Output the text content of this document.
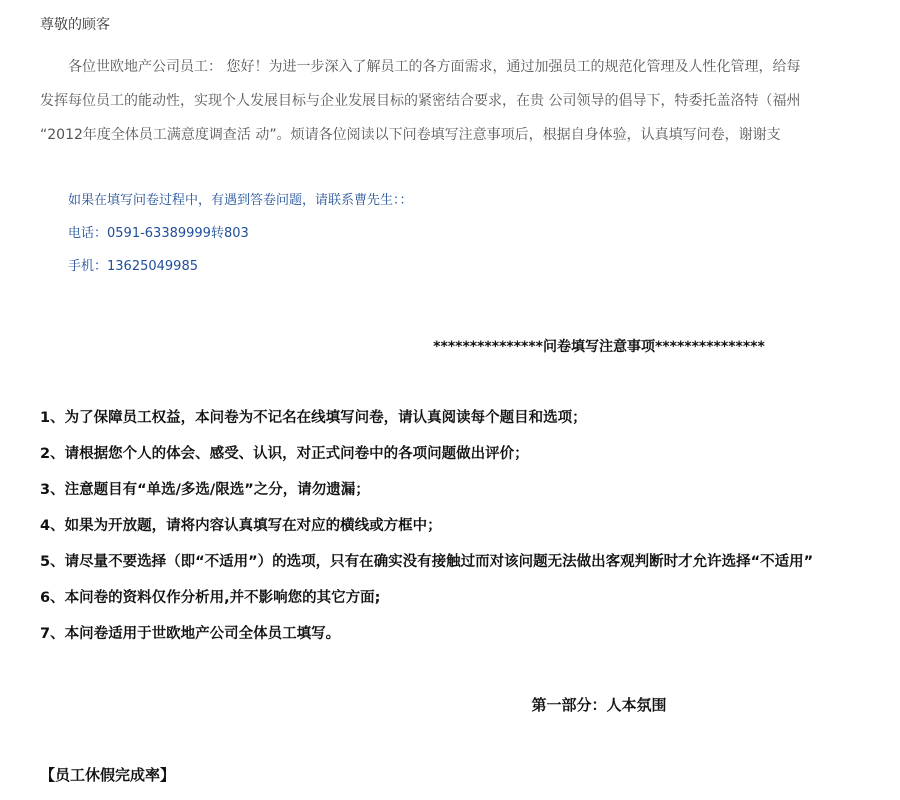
尊敬的顾客
各位世欧地产公司员工： 您好！为进一步深入了解员工的各方面需求，通过加强员工的规范化管理及人性化管理，给每
发挥每位员工的能动性，实现个人发展目标与企业发展目标的紧密结合要求，在贵 公司领导的倡导下，特委托盖洛特（福州
“2012年度全体员工满意度调查活 动”。烦请各位阅读以下问卷填写注意事项后，根据自身体验，认真填写问卷，谢谢支
如果在填写问卷过程中，有遇到答卷问题，请联系曹先生：：
电话：0591-63389999转803
手机：13625049985
***************问卷填写注意事项***************
1、为了保障员工权益，本问卷为不记名在线填写问卷，请认真阅读每个题目和选项；
2、请根据您个人的体会、感受、认识，对正式问卷中的各项问题做出评价；
3、注意题目有“单选/多选/限选”之分，请勿遗漏；
4、如果为开放题，请将内容认真填写在对应的横线或方框中；
5、请尽量不要选择（即“不适用”）的选项，只有在确实没有接触过而对该问题无法做出客观判断时才允许选择“不适用”
6、本问卷的资料仅作分析用,并不影响您的其它方面;
7、本问卷适用于世欧地产公司全体员工填写。
第一部分：人本氛围
【员工休假完成率】
